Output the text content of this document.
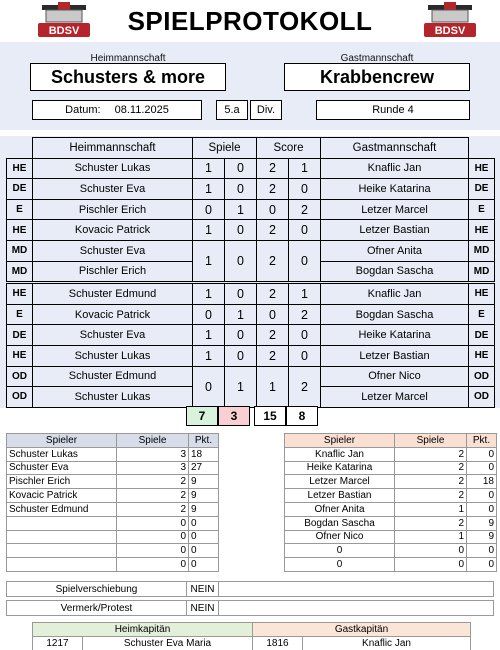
SPIELPROTOKOLL
BDSV	BDSV
Heimmannschaft	Gastmannschaft
Schusters & more	Krabbencrew
Datum: 08.11.2025	5.a	Div.	Runde 4
	Heimmannschaft	Spiele		Score		Gastmannschaft	
HE	Schuster Lukas	1	0	2	1	Knaflic Jan	HE
DE	Schuster Eva	1	0	2	0	Heike Katarina	DE
E	Pischler Erich	0	1	0	2	Letzer Marcel	E
HE	Kovacic Patrick	1	0	2	0	Letzer Bastian	HE
MD	Schuster Eva	1	0	2	0	Ofner Anita	MD
MD	Pischler Erich					Bogdan Sascha	MD

HE	Schuster Edmund	1	0	2	1	Knaflic Jan	HE
E	Kovacic Patrick	0	1	0	2	Bogdan Sascha	E
DE	Schuster Eva	1	0	2	0	Heike Katarina	DE
HE	Schuster Lukas	1	0	2	0	Letzer Bastian	HE
OD	Schuster Edmund	0	1	1	2	Ofner Nico	OD
OD	Schuster Lukas					Letzer Marcel	OD
7	3	15	8
Spieler	Spiele	Pkt.
Schuster Lukas	3	18
Schuster Eva	3	27
Pischler Erich	2	9
Kovacic Patrick	2	9
Schuster Edmund	2	9
	0	0
	0	0
	0	0
	0	0
Spieler	Spiele	Pkt.
Knaflic Jan	2	0
Heike Katarina	2	0
Letzer Marcel	2	18
Letzer Bastian	2	0
Ofner Anita	1	0
Bogdan Sascha	2	9
Ofner Nico	1	9
0	0	0
0	0	0
Spielverschiebung	NEIN
Vermerk/Protest	NEIN
Heimkapitän		Gastkapitän	
1217	Schuster Eva Maria	1816	Knaflic Jan
